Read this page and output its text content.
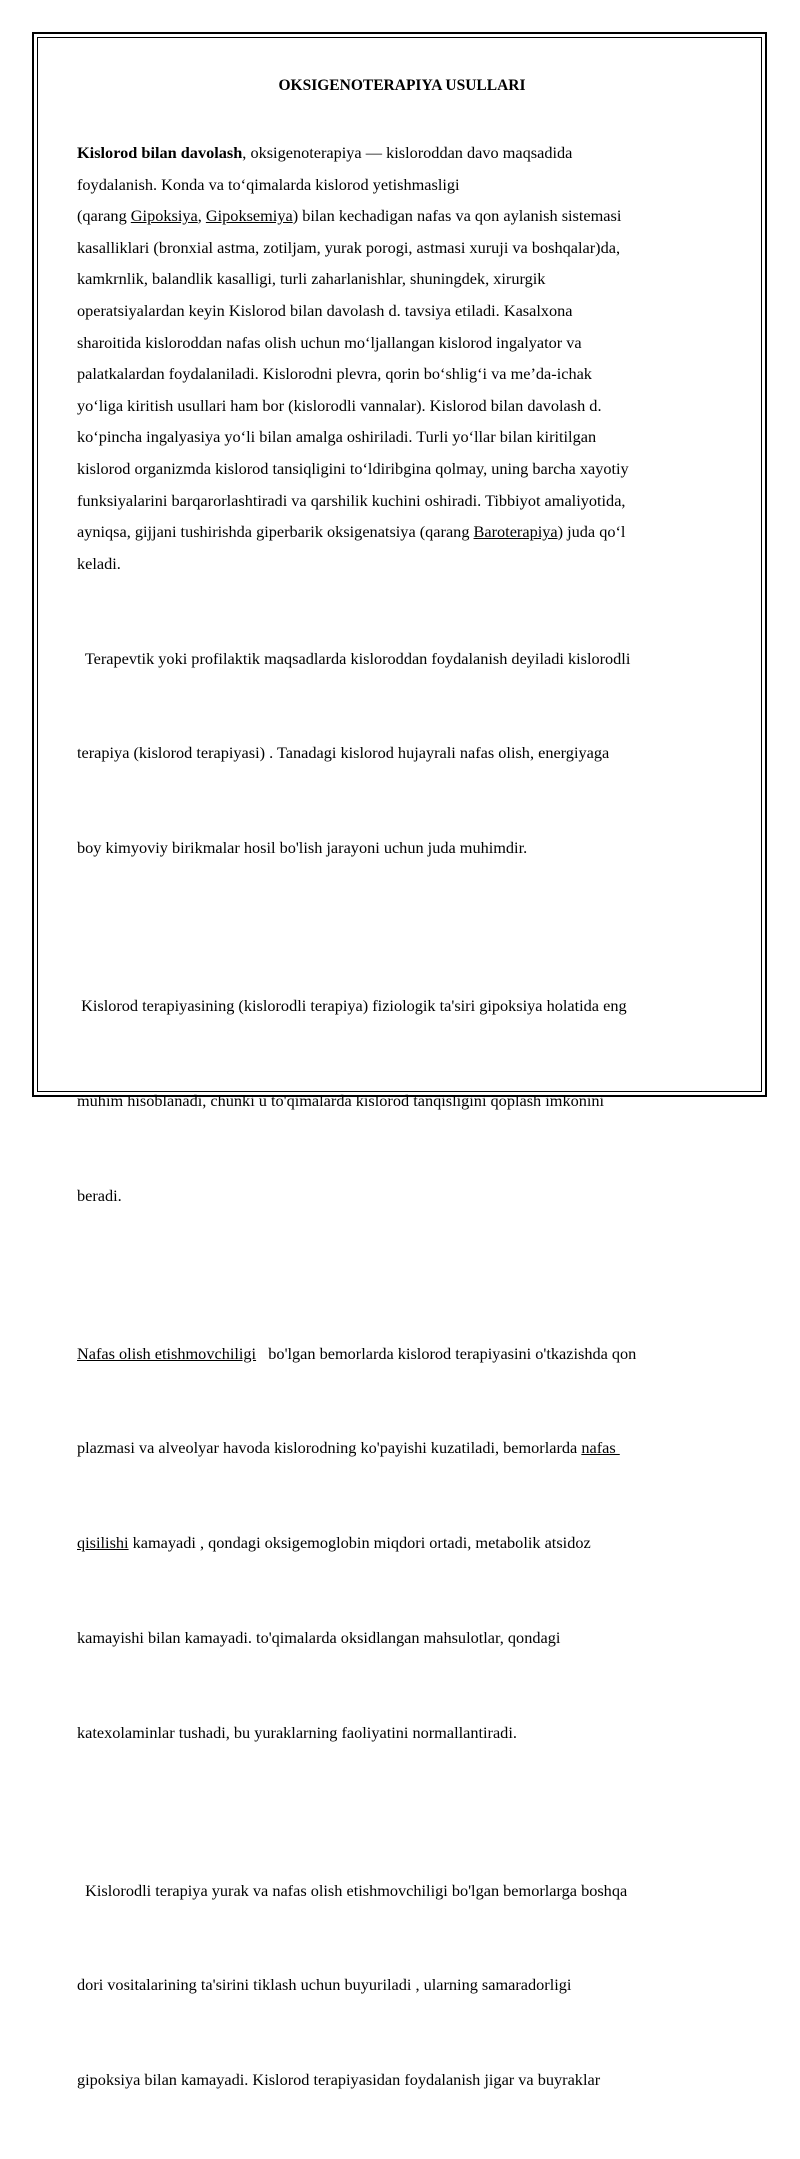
OKSIGENOTERAPIYA USULLARI
Kislorod bilan davolash, oksigenoterapiya — kisloroddan davo maqsadida
foydalanish. Konda va to‘qimalarda kislorod yetishmasligi
(qarang Gipoksiya, Gipoksemiya) bilan kechadigan nafas va qon aylanish sistemasi
kasalliklari (bronxial astma, zotiljam, yurak porogi, astmasi xuruji va boshqalar)da,
kamkrnlik, balandlik kasalligi, turli zaharlanishlar, shuningdek, xirurgik
operatsiyalardan keyin Kislorod bilan davolash d. tavsiya etiladi. Kasalxona
sharoitida kisloroddan nafas olish uchun mo‘ljallangan kislorod ingalyator va
palatkalardan foydalaniladi. Kislorodni plevra, qorin bo‘shlig‘i va me’da-ichak
yo‘liga kiritish usullari ham bor (kislorodli vannalar). Kislorod bilan davolash d.
ko‘pincha ingalyasiya yo‘li bilan amalga oshiriladi. Turli yo‘llar bilan kiritilgan
kislorod organizmda kislorod tansiqligini to‘ldiribgina qolmay, uning barcha xayotiy
funksiyalarini barqarorlashtiradi va qarshilik kuchini oshiradi. Tibbiyot amaliyotida,
ayniqsa, gijjani tushirishda giperbarik oksigenatsiya (qarang Baroterapiya) juda qo‘l
keladi.

Terapevtik yoki profilaktik maqsadlarda kisloroddan foydalanish deyiladi kislorodli

terapiya (kislorod terapiyasi) . Tanadagi kislorod hujayrali nafas olish, energiyaga

boy kimyoviy birikmalar hosil bo'lish jarayoni uchun juda muhimdir.

Kislorod terapiyasining (kislorodli terapiya) fiziologik ta'siri gipoksiya holatida eng

muhim hisoblanadi, chunki u to'qimalarda kislorod tanqisligini qoplash imkonini

beradi.

Nafas olish etishmovchiligi   bo'lgan bemorlarda kislorod terapiyasini o'tkazishda qon

plazmasi va alveolyar havoda kislorodning ko'payishi kuzatiladi, bemorlarda nafas

qisilishi kamayadi , qondagi oksigemoglobin miqdori ortadi, metabolik atsidoz

kamayishi bilan kamayadi. to'qimalarda oksidlangan mahsulotlar, qondagi

katexolaminlar tushadi, bu yuraklarning faoliyatini normallantiradi.

Kislorodli terapiya yurak va nafas olish etishmovchiligi bo'lgan bemorlarga boshqa

dori vositalarining ta'sirini tiklash uchun buyuriladi , ularning samaradorligi

gipoksiya bilan kamayadi. Kislorod terapiyasidan foydalanish jigar va buyraklar
